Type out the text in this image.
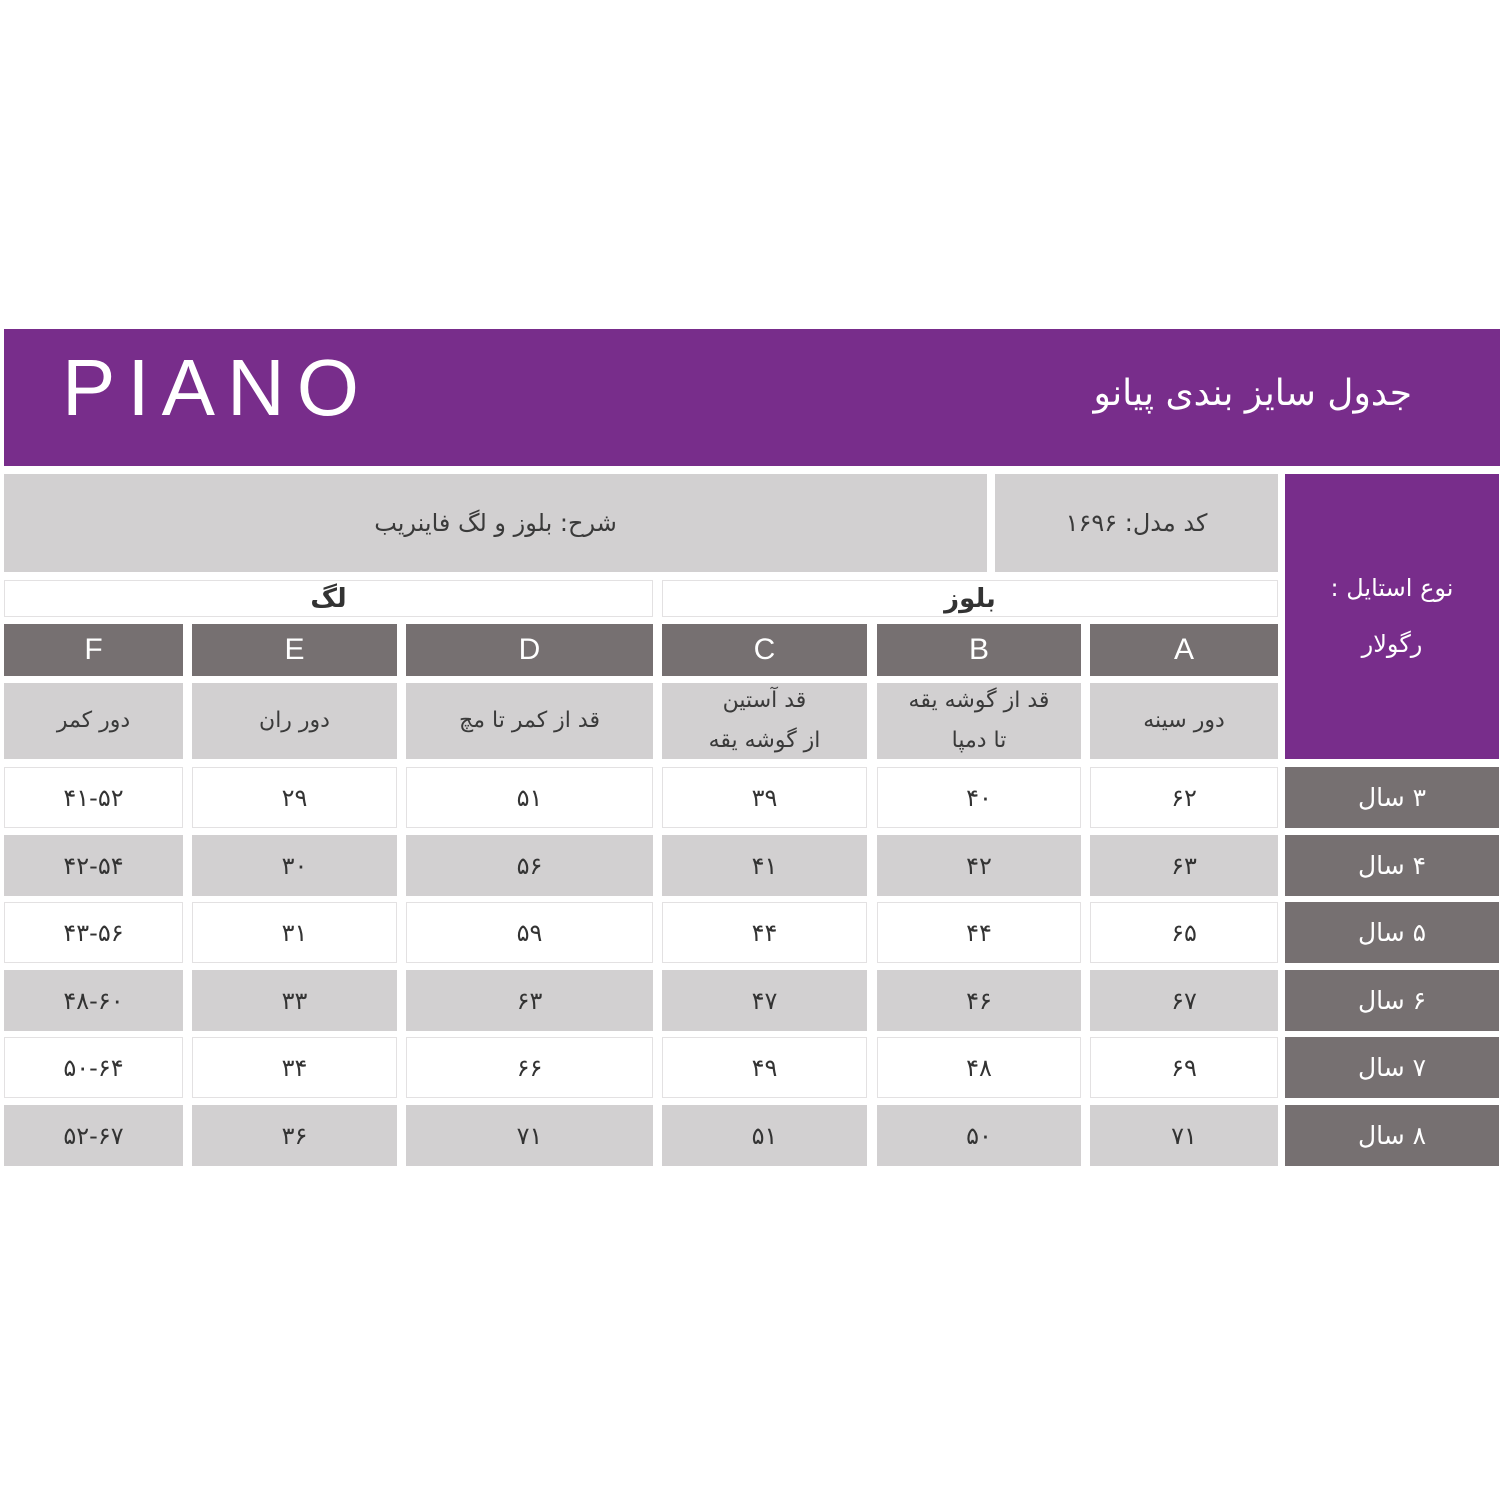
PIANO	جدول سایز بندی پیانو
شرح: بلوز و لگ فاینریب	کد مدل: ۱۶۹۶
نوع استایل :
رگولار
بلوز
لگ
A
B
C
D
E
F
دور سینه
قد از گوشه یقه
تا دمپا
قد آستین
از گوشه یقه
قد از کمر تا مچ
دور ران
دور کمر
۳ سال
۶۲
۴۰
۳۹
۵۱
۲۹
۴۱-۵۲
۴ سال
۶۳
۴۲
۴۱
۵۶
۳۰
۴۲-۵۴
۵ سال
۶۵
۴۴
۴۴
۵۹
۳۱
۴۳-۵۶
۶ سال
۶۷
۴۶
۴۷
۶۳
۳۳
۴۸-۶۰
۷ سال
۶۹
۴۸
۴۹
۶۶
۳۴
۵۰-۶۴
۸ سال
۷۱
۵۰
۵۱
۷۱
۳۶
۵۲-۶۷
